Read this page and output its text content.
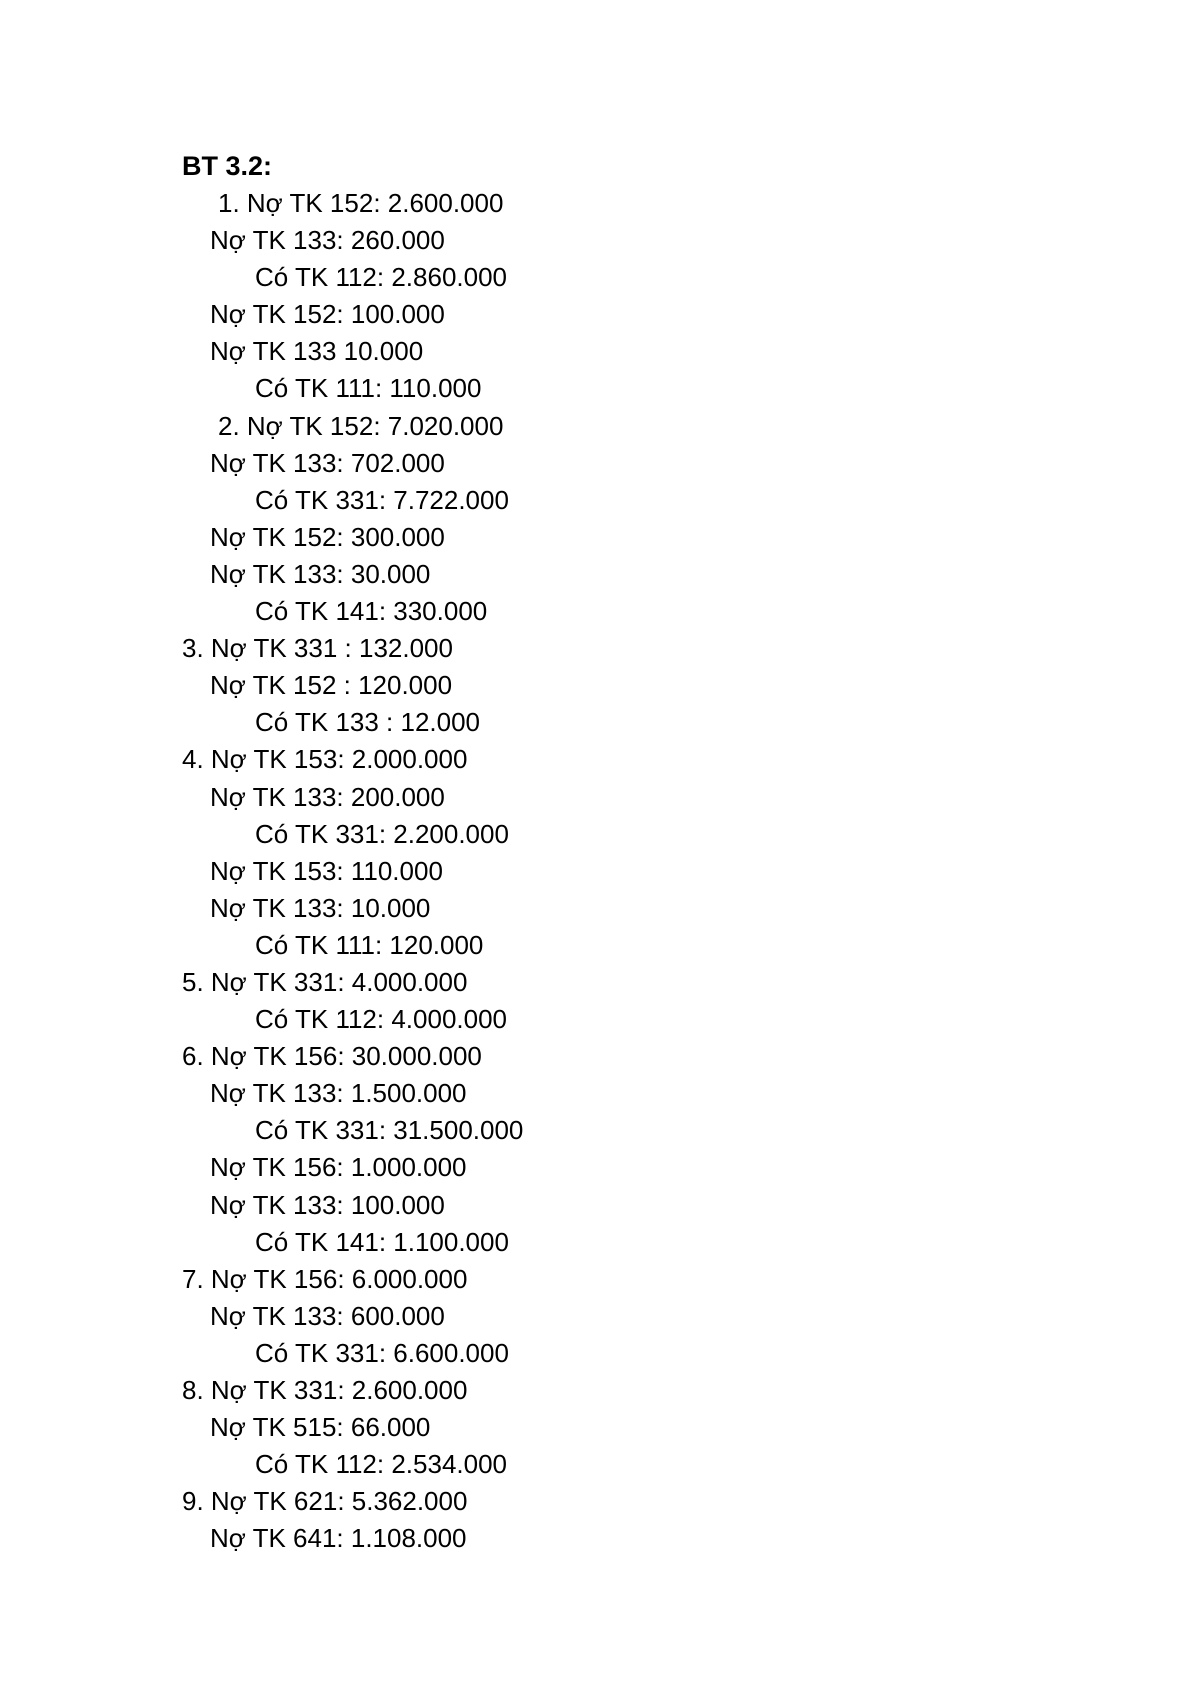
BT 3.2:
1. Nợ TK 152: 2.600.000
Nợ TK 133: 260.000
Có TK 112: 2.860.000
Nợ TK 152: 100.000
Nợ TK 133 10.000
Có TK 111: 110.000
2. Nợ TK 152: 7.020.000
Nợ TK 133: 702.000
Có TK 331: 7.722.000
Nợ TK 152: 300.000
Nợ TK 133: 30.000
Có TK 141: 330.000
3. Nợ TK 331 : 132.000
Nợ TK 152 : 120.000
Có TK 133 : 12.000
4. Nợ TK 153: 2.000.000
Nợ TK 133: 200.000
Có TK 331: 2.200.000
Nợ TK 153: 110.000
Nợ TK 133: 10.000
Có TK 111: 120.000
5. Nợ TK 331: 4.000.000
Có TK 112: 4.000.000
6. Nợ TK 156: 30.000.000
Nợ TK 133: 1.500.000
Có TK 331: 31.500.000
Nợ TK 156: 1.000.000
Nợ TK 133: 100.000
Có TK 141: 1.100.000
7. Nợ TK 156: 6.000.000
Nợ TK 133: 600.000
Có TK 331: 6.600.000
8. Nợ TK 331: 2.600.000
Nợ TK 515: 66.000
Có TK 112: 2.534.000
9. Nợ TK 621: 5.362.000
Nợ TK 641: 1.108.000
